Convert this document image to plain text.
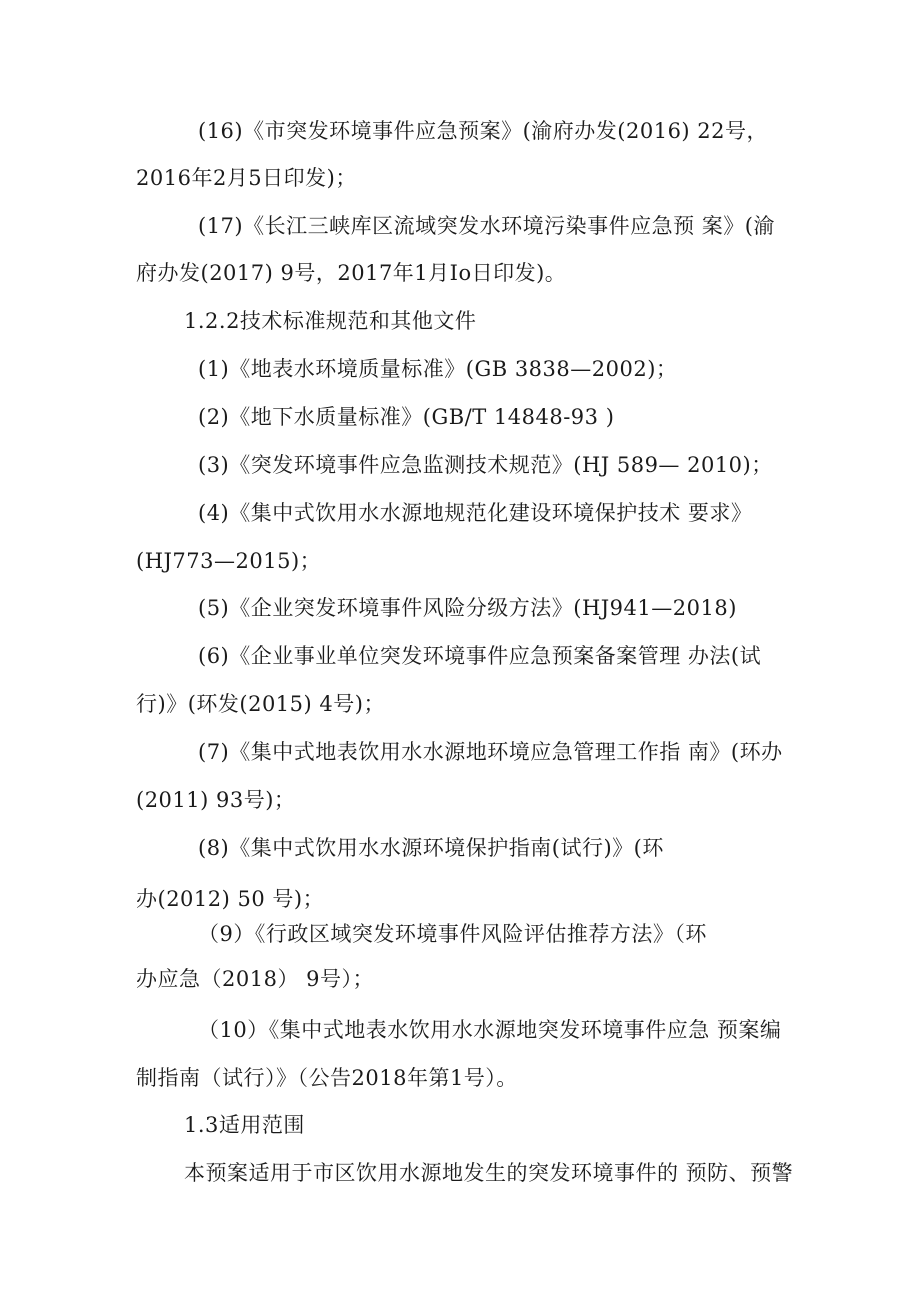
(16)《市突发环境事件应急预案》(渝府办发(2016) 22号，
2016年2月5日印发)；
(17)《长江三峡库区流域突发水环境污染事件应急预 案》(渝
府办发(2017) 9号，2017年1月Io日印发)。
1.2.2技术标准规范和其他文件
(1)《地表水环境质量标准》(GB 3838—2002)；
(2)《地下水质量标准》(GB/T 14848-93 )
(3)《突发环境事件应急监测技术规范》(HJ 589— 2010)；
(4)《集中式饮用水水源地规范化建设环境保护技术 要求》
(HJ773—2015)；
(5)《企业突发环境事件风险分级方法》(HJ941—2018)
(6)《企业事业单位突发环境事件应急预案备案管理 办法(试
行)》(环发(2015) 4号)；
(7)《集中式地表饮用水水源地环境应急管理工作指 南》(环办
(2011) 93号)；
(8)《集中式饮用水水源环境保护指南(试行)》(环
办(2012) 50 号)；
（9）《行政区域突发环境事件风险评估推荐方法》（环
办应急（2018） 9号）；
（10）《集中式地表水饮用水水源地突发环境事件应急 预案编
制指南（试行）》（公告2018年第1号）。
1.3适用范围
本预案适用于市区饮用水源地发生的突发环境事件的 预防、预警
